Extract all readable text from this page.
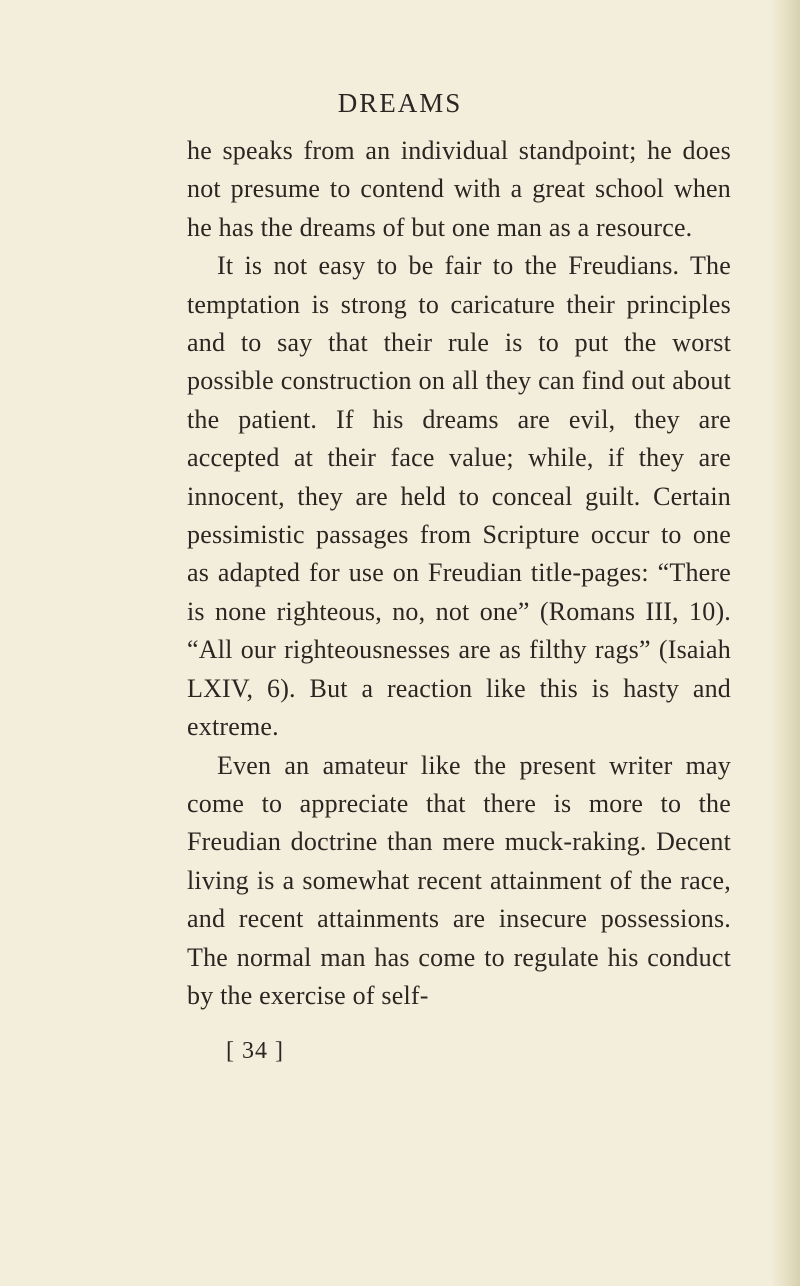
DREAMS

he speaks from an individual standpoint; he does not presume to contend with a great school when he has the dreams of but one man as a resource.

It is not easy to be fair to the Freudians. The temptation is strong to caricature their principles and to say that their rule is to put the worst possible construction on all they can find out about the patient. If his dreams are evil, they are accepted at their face value; while, if they are innocent, they are held to conceal guilt. Certain pessimistic passages from Scripture occur to one as adapted for use on Freudian title-pages: “There is none righteous, no, not one” (Romans III, 10). “All our righteousnesses are as filthy rags” (Isaiah LXIV, 6). But a reaction like this is hasty and extreme.

Even an amateur like the present writer may come to appreciate that there is more to the Freudian doctrine than mere muck-raking. Decent living is a somewhat recent attainment of the race, and recent attainments are insecure possessions. The normal man has come to regulate his conduct by the exercise of self-

[ 34 ]
